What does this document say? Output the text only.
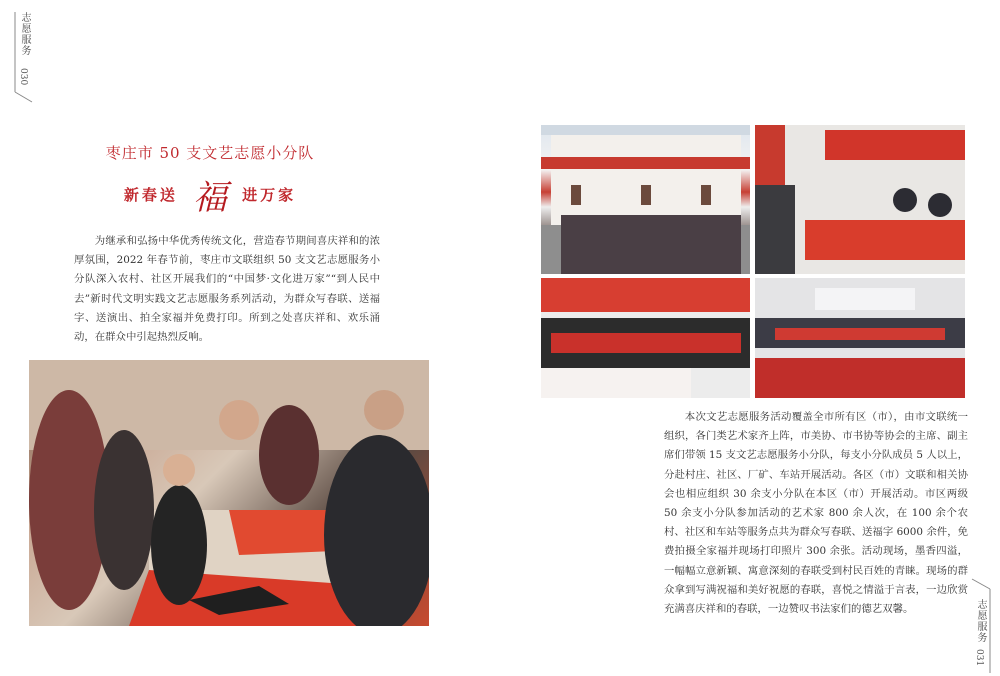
志愿服务
030
枣庄市 50 支文艺志愿小分队
新春送 福 进万家
为继承和弘扬中华优秀传统文化，营造春节期间喜庆祥和的浓厚氛围，2022 年春节前，枣庄市文联组织 50 支文艺志愿服务小分队深入农村、社区开展我们的“中国梦·文化进万家”“到人民中去”新时代文明实践文艺志愿服务系列活动，为群众写春联、送福字、送演出、拍全家福并免费打印。所到之处喜庆祥和、欢乐涌动，在群众中引起热烈反响。
本次文艺志愿服务活动覆盖全市所有区（市），由市文联统一组织，各门类艺术家齐上阵，市美协、市书协等协会的主席、副主席们带领 15 支文艺志愿服务小分队，每支小分队成员 5 人以上，分赴村庄、社区、厂矿、车站开展活动。各区（市）文联和相关协会也相应组织 30 余支小分队在本区（市）开展活动。市区两级 50 余支小分队参加活动的艺术家 800 余人次，在 100 余个农村、社区和车站等服务点共为群众写春联、送福字 6000 余件，免费拍摄全家福并现场打印照片 300 余张。活动现场，墨香四溢，一幅幅立意新颖、寓意深刻的春联受到村民百姓的青睐。现场的群众拿到写满祝福和美好祝愿的春联，喜悦之情溢于言表，一边欣赏充满喜庆祥和的春联，一边赞叹书法家们的德艺双馨。	志愿服务
031
